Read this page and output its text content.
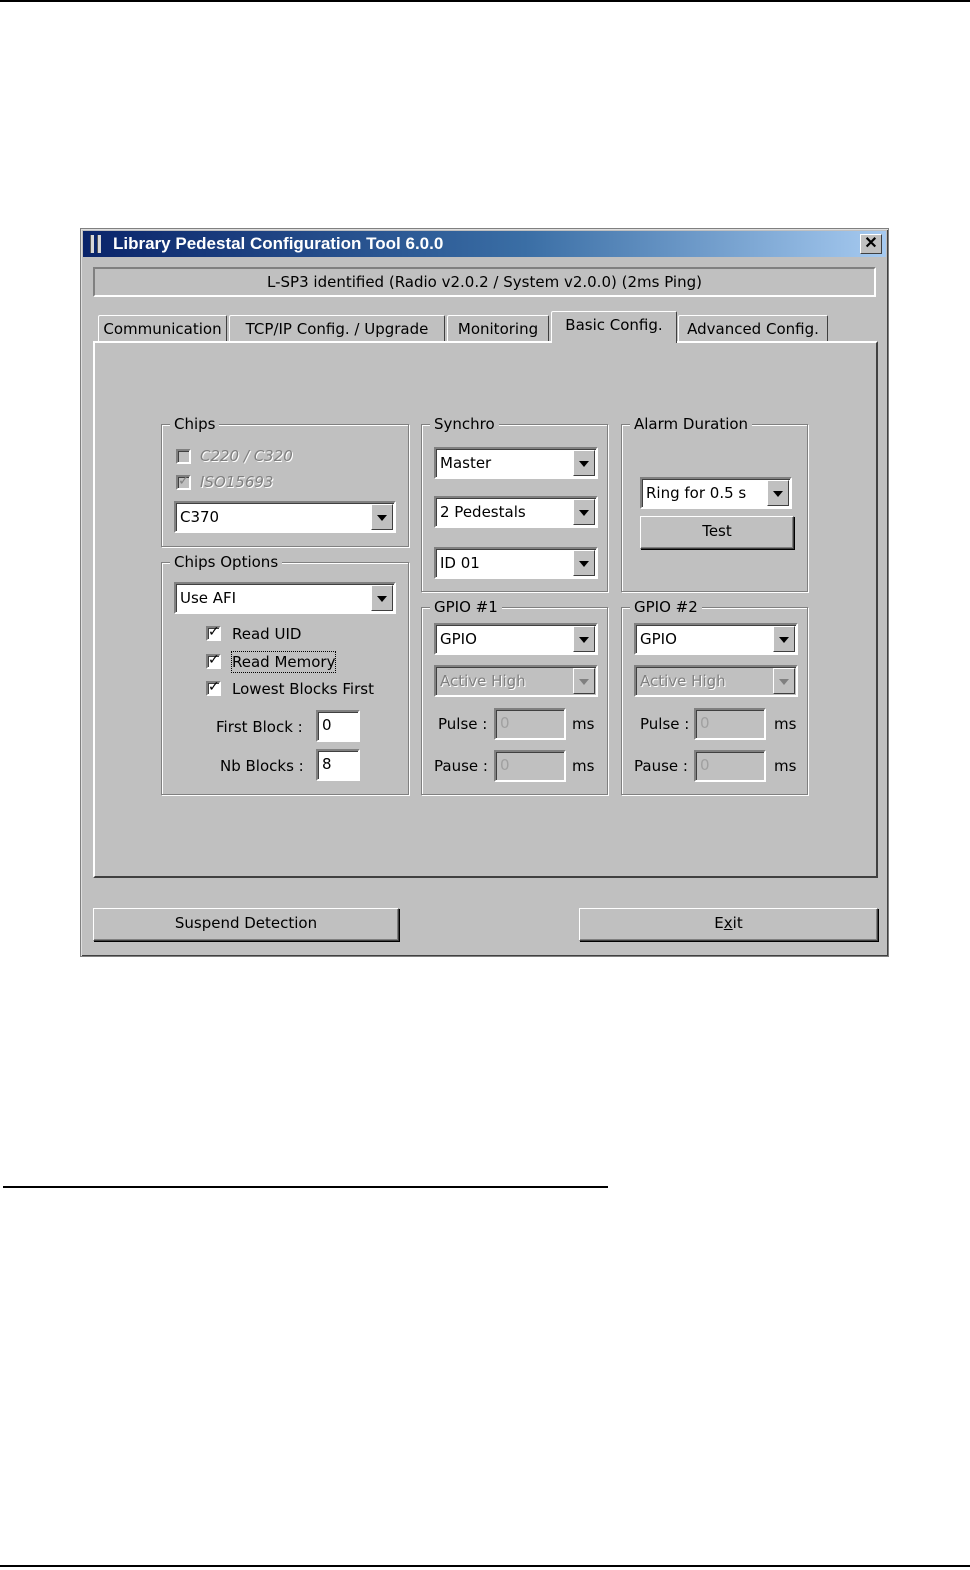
Library Pedestal Configuration Tool 6.0.0	✕
L-SP3 identified (Radio v2.0.2 / System v2.0.0) (2ms Ping)
Communication	TCP/IP Config. / Upgrade	Monitoring	Basic Config.	Advanced Config.
Chips
C220 / C320
✓
ISO15693
C370
Chips Options
Use AFI
✓
Read UID
✓
Read Memory
✓
Lowest Blocks First
First Block :	0
Nb Blocks :	8
Synchro
Master
2 Pedestals
ID 01
Alarm Duration
Ring for 0.5 s
Test
GPIO #1
GPIO
Active High
Pulse : 0	ms
Pause : 0	ms
GPIO #2
GPIO
Active High
Pulse : 0	ms
Pause : 0	ms
Suspend Detection	Exit
